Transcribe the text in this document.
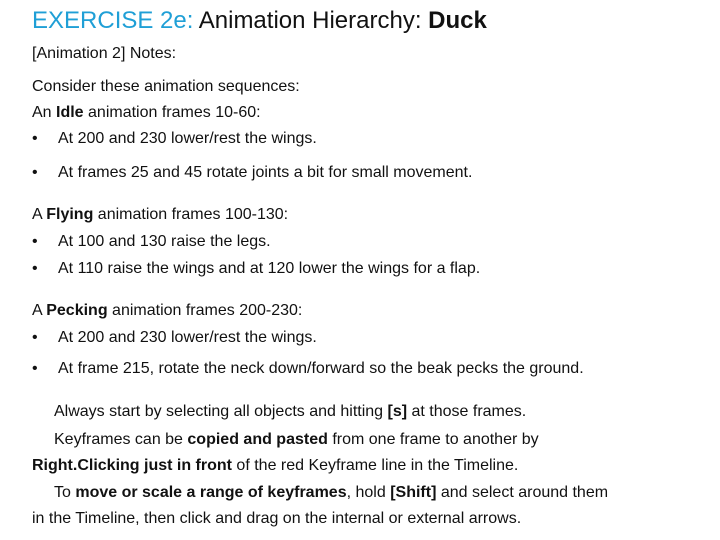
EXERCISE 2e: Animation Hierarchy: Duck
[Animation 2] Notes:
Consider these animation sequences:
An Idle animation frames 10-60:
• At 200 and 230 lower/rest the wings.
• At frames 25 and 45 rotate joints a bit for small movement.
A Flying animation frames 100-130:
• At 100 and 130 raise the legs.
• At 110 raise the wings and at 120 lower the wings for a flap.
A Pecking animation frames 200-230:
• At 200 and 230 lower/rest the wings.
• At frame 215, rotate the neck down/forward so the beak pecks the ground.
Always start by selecting all objects and hitting [s] at those frames.
Keyframes can be copied and pasted from one frame to another by
Right.Clicking just in front of the red Keyframe line in the Timeline.
To move or scale a range of keyframes, hold [Shift] and select around them
in the Timeline, then click and drag on the internal or external arrows.
